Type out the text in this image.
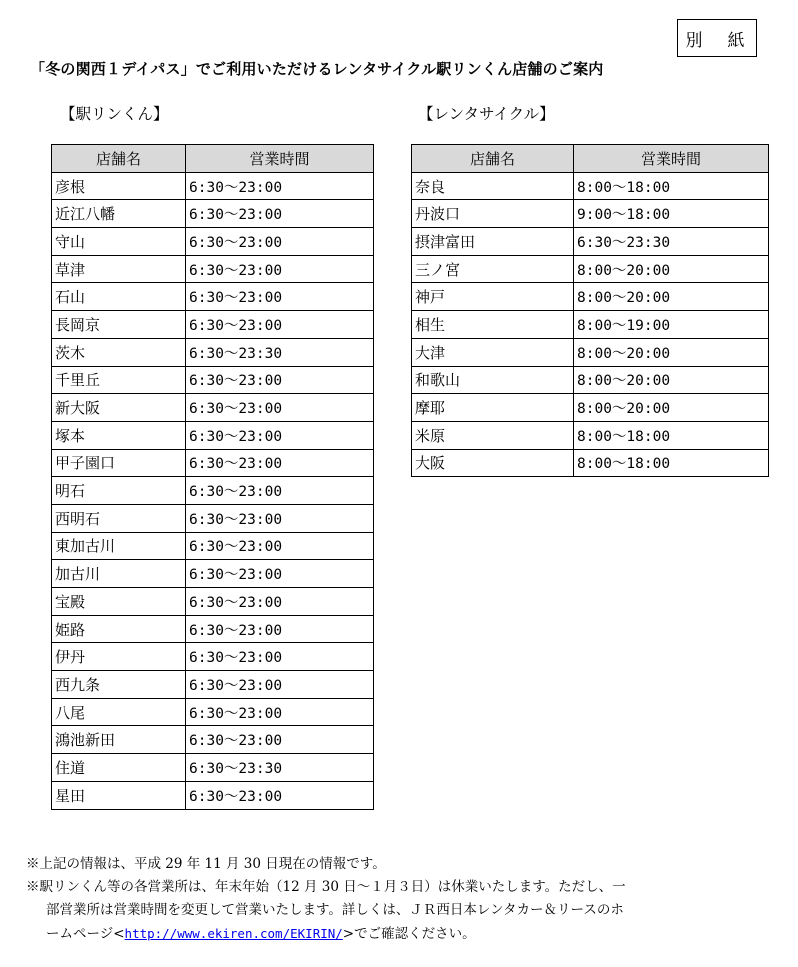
別　紙
「冬の関西１デイパス」でご利用いただけるレンタサイクル駅リンくん店舗のご案内
【駅リンくん】	【レンタサイクル】
店舗名	営業時間
彦根	6:30～23:00
近江八幡	6:30～23:00
守山	6:30～23:00
草津	6:30～23:00
石山	6:30～23:00
長岡京	6:30～23:00
茨木	6:30～23:30
千里丘	6:30～23:00
新大阪	6:30～23:00
塚本	6:30～23:00
甲子園口	6:30～23:00
明石	6:30～23:00
西明石	6:30～23:00
東加古川	6:30～23:00
加古川	6:30～23:00
宝殿	6:30～23:00
姫路	6:30～23:00
伊丹	6:30～23:00
西九条	6:30～23:00
八尾	6:30～23:00
鴻池新田	6:30～23:00
住道	6:30～23:30
星田	6:30～23:00
店舗名	営業時間
奈良	8:00～18:00
丹波口	9:00～18:00
摂津富田	6:30～23:30
三ノ宮	8:00～20:00
神戸	8:00～20:00
相生	8:00～19:00
大津	8:00～20:00
和歌山	8:00～20:00
摩耶	8:00～20:00
米原	8:00～18:00
大阪	8:00～18:00
※上記の情報は、平成 29 年 11 月 30 日現在の情報です。
※駅リンくん等の各営業所は、年末年始（12 月 30 日～１月３日）は休業いたします。ただし、一
部営業所は営業時間を変更して営業いたします。詳しくは、ＪＲ西日本レンタカー＆リースのホ
ームページ<http://www.ekiren.com/EKIRIN/>でご確認ください。
